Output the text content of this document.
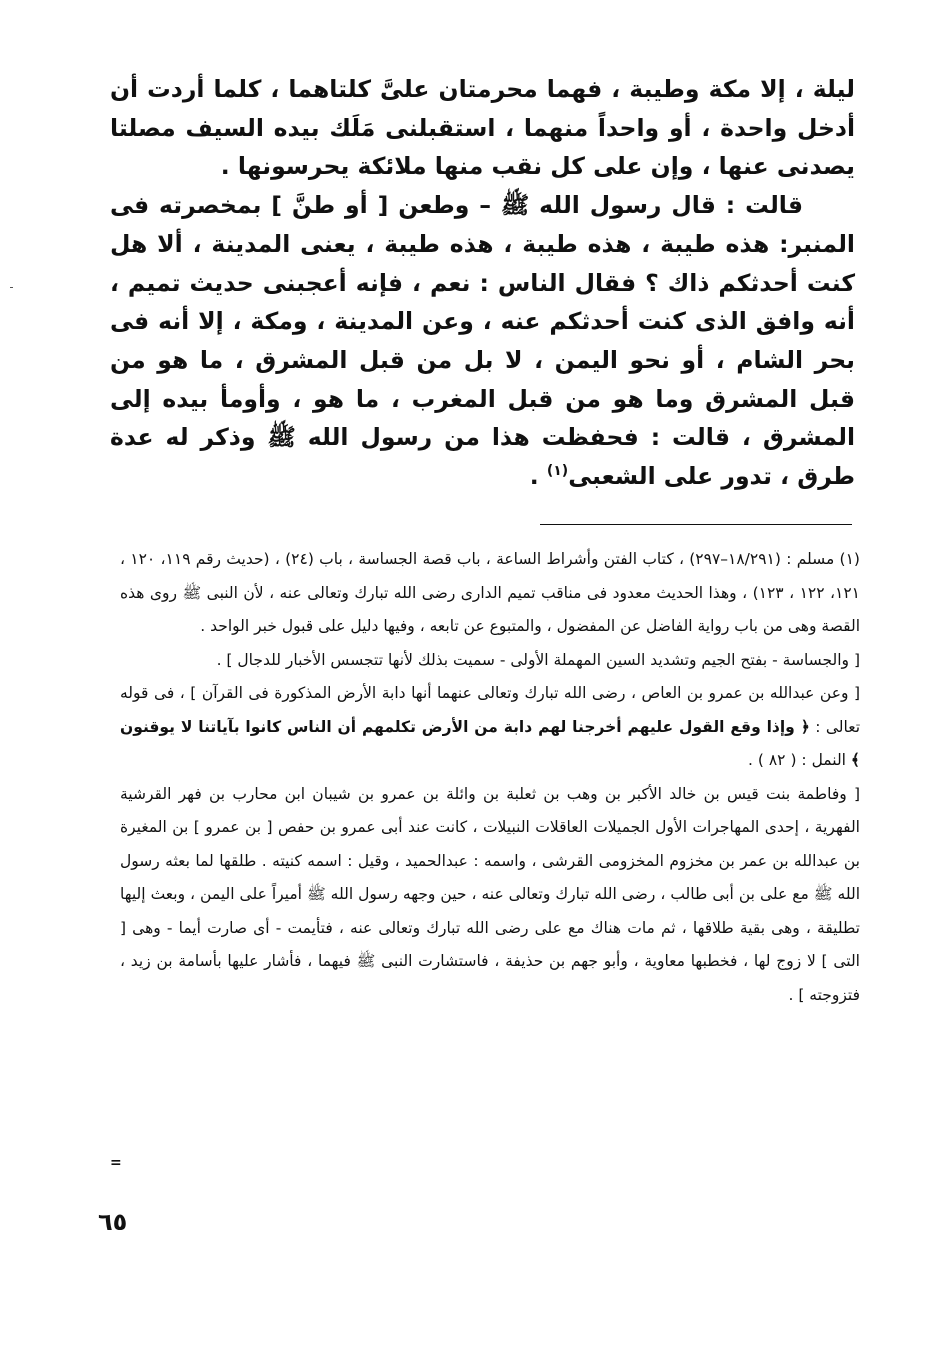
ليلة ، إلا مكة وطيبة ، فهما محرمتان علىَّ كلتاهما ، كلما أردت أن أدخل واحدة ، أو واحداً منهما ، استقبلنى مَلَك بيده السيف مصلتا يصدنى عنها ، وإن على كل نقب منها ملائكة يحرسونها .

قالت : قال رسول الله ﷺ – وطعن [ أو طنَّ ] بمخصرته فى المنبر: هذه طيبة ، هذه طيبة ، هذه طيبة ، يعنى المدينة ، ألا هل كنت أحدثكم ذاك ؟ فقال الناس : نعم ، فإنه أعجبنى حديث تميم ، أنه وافق الذى كنت أحدثكم عنه ، وعن المدينة ، ومكة ، إلا أنه فى بحر الشام ، أو نحو اليمن ، لا بل من قبل المشرق ، ما هو من قبل المشرق وما هو من قبل المغرب ، ما هو ، وأومأ بيده إلى المشرق ، قالت : فحفظت هذا من رسول الله ﷺ وذكر له عدة طرق ، تدور على الشعبى$^{(١)}$ .

(١) مسلم : (١٨/٢٩١–٢٩٧) ، كتاب الفتن وأشراط الساعة ، باب قصة الجساسة ، باب (٢٤) ، (حديث رقم ١١٩، ١٢٠ ، ١٢١، ١٢٢ ، ١٢٣) ، وهذا الحديث معدود فى مناقب تميم الدارى رضى الله تبارك وتعالى عنه ، لأن النبى ﷺ روى هذه القصة وهى من باب رواية الفاضل عن المفضول ، والمتبوع عن تابعه ، وفيها دليل على قبول خبر الواحد .

[ والجساسة - بفتح الجيم وتشديد السين المهملة الأولى - سميت بذلك لأنها تتجسس الأخبار للدجال ] .

[ وعن عبدالله بن عمرو بن العاص ، رضى الله تبارك وتعالى عنهما أنها دابة الأرض المذكورة فى القرآن ] ، فى قوله تعالى : ﴿ وإذا وقع القول عليهم أخرجنا لهم دابة من الأرض تكلمهم أن الناس كانوا بآياتنا لا يوقنون ﴾ النمل : ( ٨٢ ) .

[ وفاطمة بنت قيس بن خالد الأكبر بن وهب بن ثعلبة بن وائلة بن عمرو بن شيبان ابن محارب بن فهر القرشية الفهرية ، إحدى المهاجرات الأول الجميلات العاقلات النبيلات ، كانت عند أبى عمرو بن حفص [ بن عمرو ] بن المغيرة بن عبدالله بن عمر بن مخزوم المخزومى القرشى ، واسمه : عبدالحميد ، وقيل : اسمه كنيته . طلقها لما بعثه رسول الله ﷺ مع على بن أبى طالب ، رضى الله تبارك وتعالى عنه ، حين وجهه رسول الله ﷺ أميراً على اليمن ، وبعث إليها تطليقة ، وهى بقية طلاقها ، ثم مات هناك مع على رضى الله تبارك وتعالى عنه ، فتأيمت - أى صارت أيما - وهى [ التى ] لا زوج لها ، فخطبها معاوية ، وأبو جهم بن حذيفة ، فاستشارت النبى ﷺ فيهما ، فأشار عليها بأسامة بن زيد ، فتزوجته ] .

=
٦٥
